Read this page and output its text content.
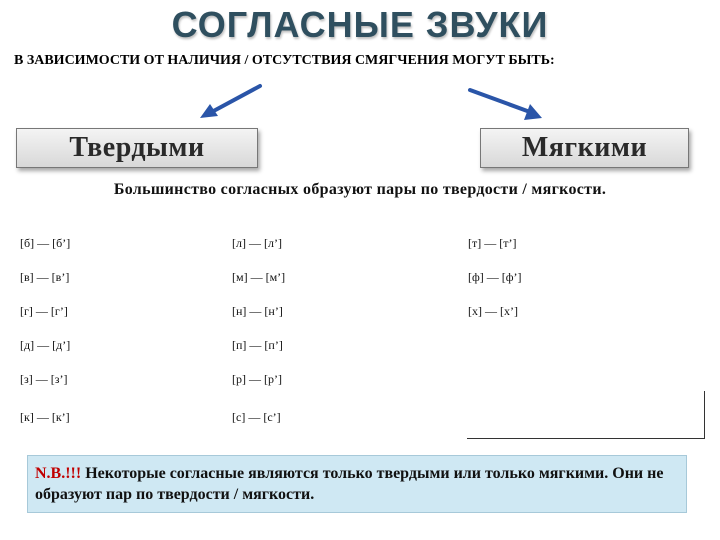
СОГЛАСНЫЕ ЗВУКИ
В ЗАВИСИМОСТИ ОТ НАЛИЧИЯ / ОТСУТСТВИЯ СМЯГЧЕНИЯ МОГУТ БЫТЬ:
Твердыми	Мягкими
Большинство согласных образуют пары по твердости / мягкости.
[б] — [б’]
[в] — [в’]
[г] — [г’]
[д] — [д’]
[з] — [з’]
[к] — [к’]
[л] — [л’]
[м] — [м’]
[н] — [н’]
[п] — [п’]
[р] — [р’]
[с] — [с’]
[т] — [т’]
[ф] — [ф’]
[х] — [х’]
N.B.!!! Некоторые согласные являются только твердыми или только мягкими. Они не образуют пар по твердости / мягкости.
